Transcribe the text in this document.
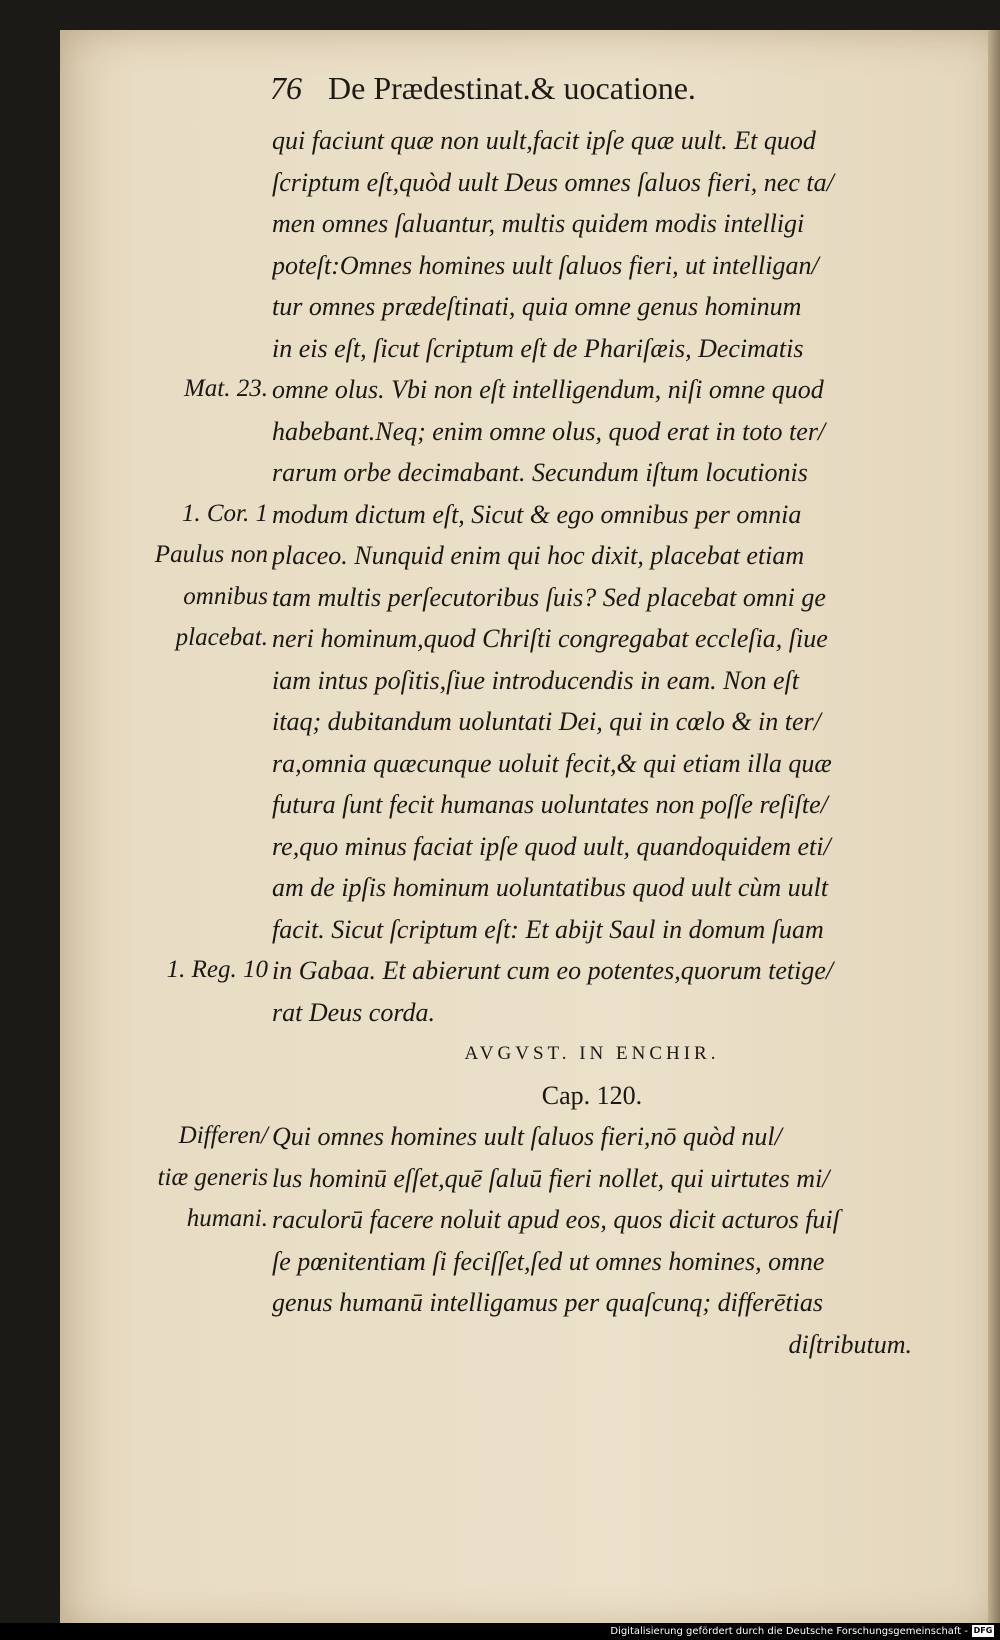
76 De Prædestinat.& uocatione.
qui faciunt quæ non uult,facit ipſe quæ uult. Et quod
ſcriptum eſt,quòd uult Deus omnes ſaluos fieri, nec ta/
men omnes ſaluantur, multis quidem modis intelligi
poteſt:Omnes homines uult ſaluos fieri, ut intelligan/
tur omnes prædeſtinati, quia omne genus hominum
in eis eſt, ſicut ſcriptum eſt de Phariſæis, Decimatis
omne olus. Vbi non eſt intelligendum, niſi omne quod
habebant.Neq; enim omne olus, quod erat in toto ter/
rarum orbe decimabant. Secundum iſtum locutionis
modum dictum eſt, Sicut & ego omnibus per omnia
placeo. Nunquid enim qui hoc dixit, placebat etiam
tam multis perſecutoribus ſuis? Sed placebat omni ge
neri hominum,quod Chriſti congregabat eccleſia, ſiue
iam intus poſitis,ſiue introducendis in eam. Non eſt
itaq; dubitandum uoluntati Dei, qui in cœlo & in ter/
ra,omnia quæcunque uoluit fecit,& qui etiam illa quæ
futura ſunt fecit humanas uoluntates non poſſe reſiſte/
re,quo minus faciat ipſe quod uult, quandoquidem eti/
am de ipſis hominum uoluntatibus quod uult cùm uult
facit. Sicut ſcriptum eſt: Et abijt Saul in domum ſuam
in Gabaa. Et abierunt cum eo potentes,quorum tetige/
rat Deus corda.
AVGVST. IN ENCHIR.
Cap. 120.
Qui omnes homines uult ſaluos fieri,nō quòd nul/
lus hominū eſſet,quē ſaluū fieri nollet, qui uirtutes mi/
raculorū facere noluit apud eos, quos dicit acturos fuiſ
ſe pœnitentiam ſi feciſſet,ſed ut omnes homines, omne
genus humanū intelligamus per quaſcunq; differētias
diſtributum.
Mat. 23.
1. Cor. 1
Paulus non
omnibus
placebat.
1. Reg. 10
Differen/
tiæ generis
humani.
Digitalisierung gefördert durch die Deutsche Forschungsgemeinschaft - DFG
